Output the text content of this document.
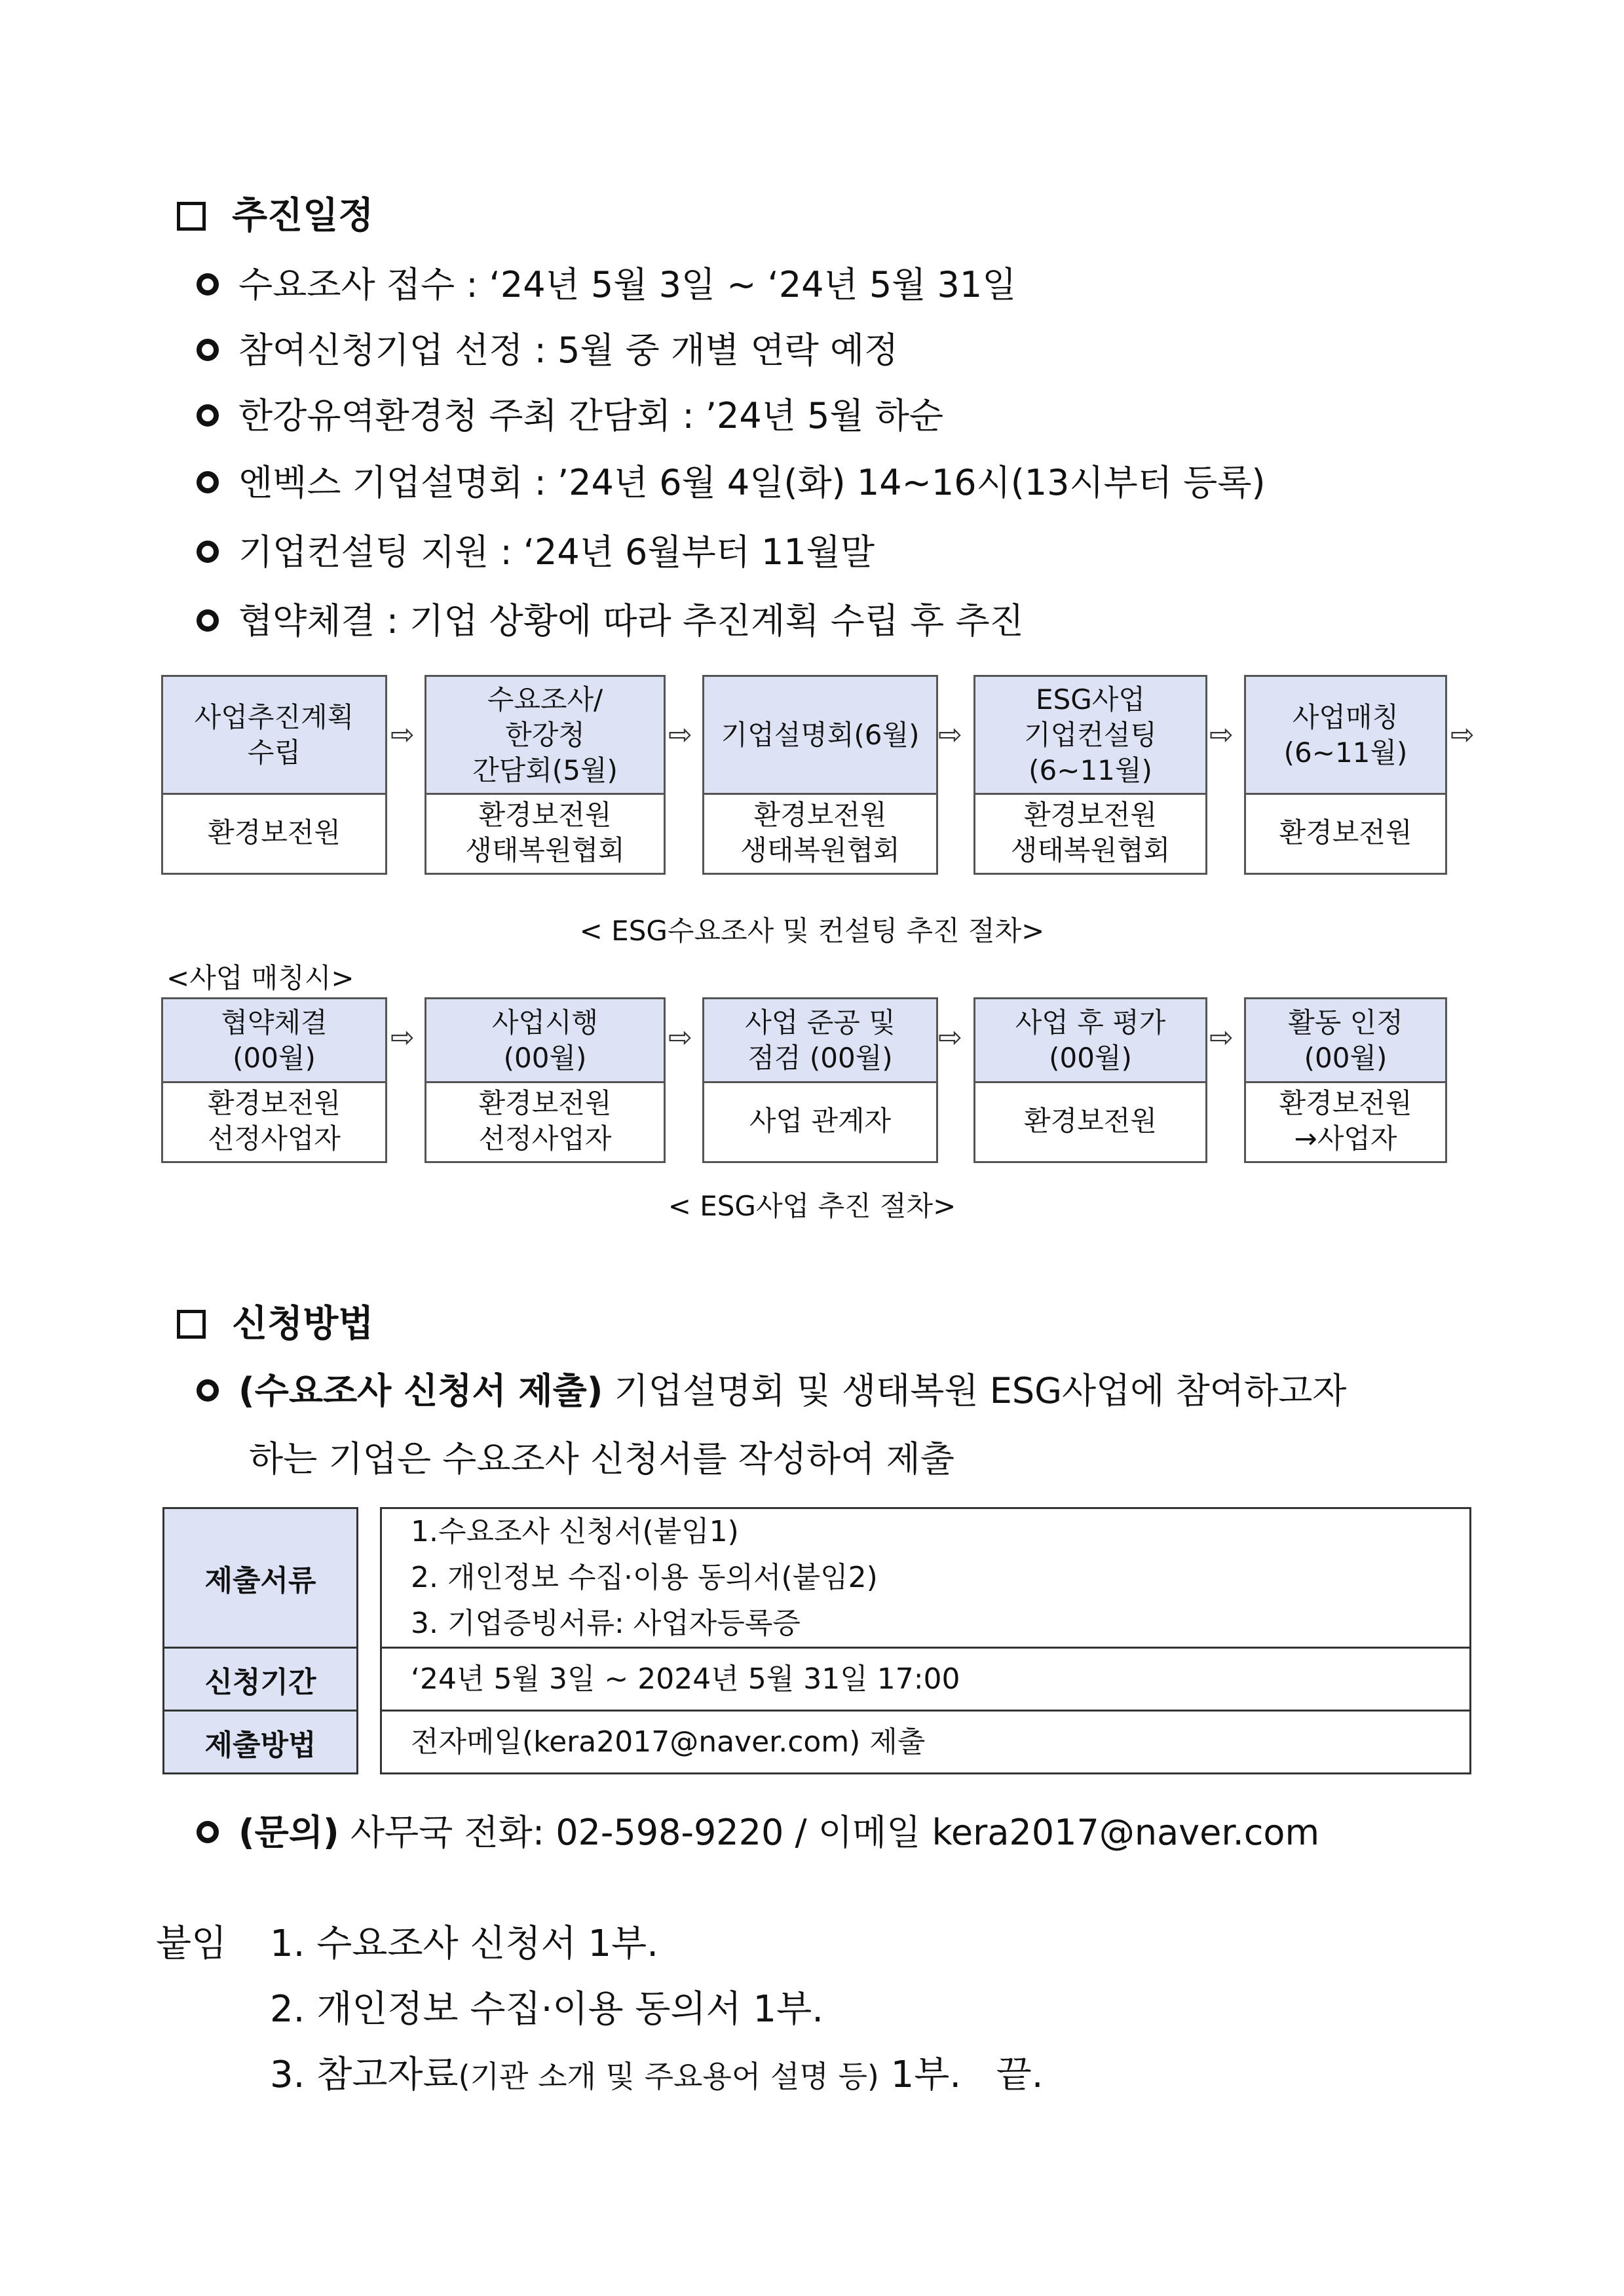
추진일정
수요조사 접수 : ‘24년 5월 3일 ~ ‘24년 5월 31일
참여신청기업 선정 : 5월 중 개별 연락 예정
한강유역환경청 주최 간담회 : ’24년 5월 하순
엔벡스 기업설명회 : ’24년 6월 4일(화) 14~16시(13시부터 등록)
기업컨설팅 지원 : ‘24년 6월부터 11월말
협약체결 : 기업 상황에 따라 추진계획 수립 후 추진
사업추진계획
수립
환경보전원
⇨
수요조사/
한강청
간담회(5월)
환경보전원
생태복원협회
⇨	기업설명회(6월)
환경보전원
생태복원협회
⇨
ESG사업
기업컨설팅
(6~11월)
환경보전원
생태복원협회
⇨
사업매칭
(6~11월)
환경보전원
⇨
< ESG수요조사 및 컨설팅 추진 절차>
<사업 매칭시>
협약체결
(00월)
환경보전원
선정사업자
⇨	사업시행
(00월)
환경보전원
선정사업자
⇨	사업 준공 및
점검 (00월)
사업 관계자
⇨	사업 후 평가
(00월)
환경보전원
⇨	활동 인정
(00월)
환경보전원
→사업자
< ESG사업 추진 절차>
신청방법
(수요조사 신청서 제출) 기업설명회 및 생태복원 ESG사업에 참여하고자
하는 기업은 수요조사 신청서를 작성하여 제출
제출서류		1.수요조사 신청서(붙임1)
2. 개인정보 수집·이용 동의서(붙임2)
3. 기업증빙서류: 사업자등록증

신청기간		‘24년 5월 3일 ~ 2024년 5월 31일 17:00
제출방법		전자메일(kera2017@naver.com) 제출
(문의) 사무국 전화: 02-598-9220 / 이메일 kera2017@naver.com
붙임 1. 수요조사 신청서 1부.
2. 개인정보 수집·이용 동의서 1부.
3. 참고자료(기관 소개 및 주요용어 설명 등) 1부.   끝.
